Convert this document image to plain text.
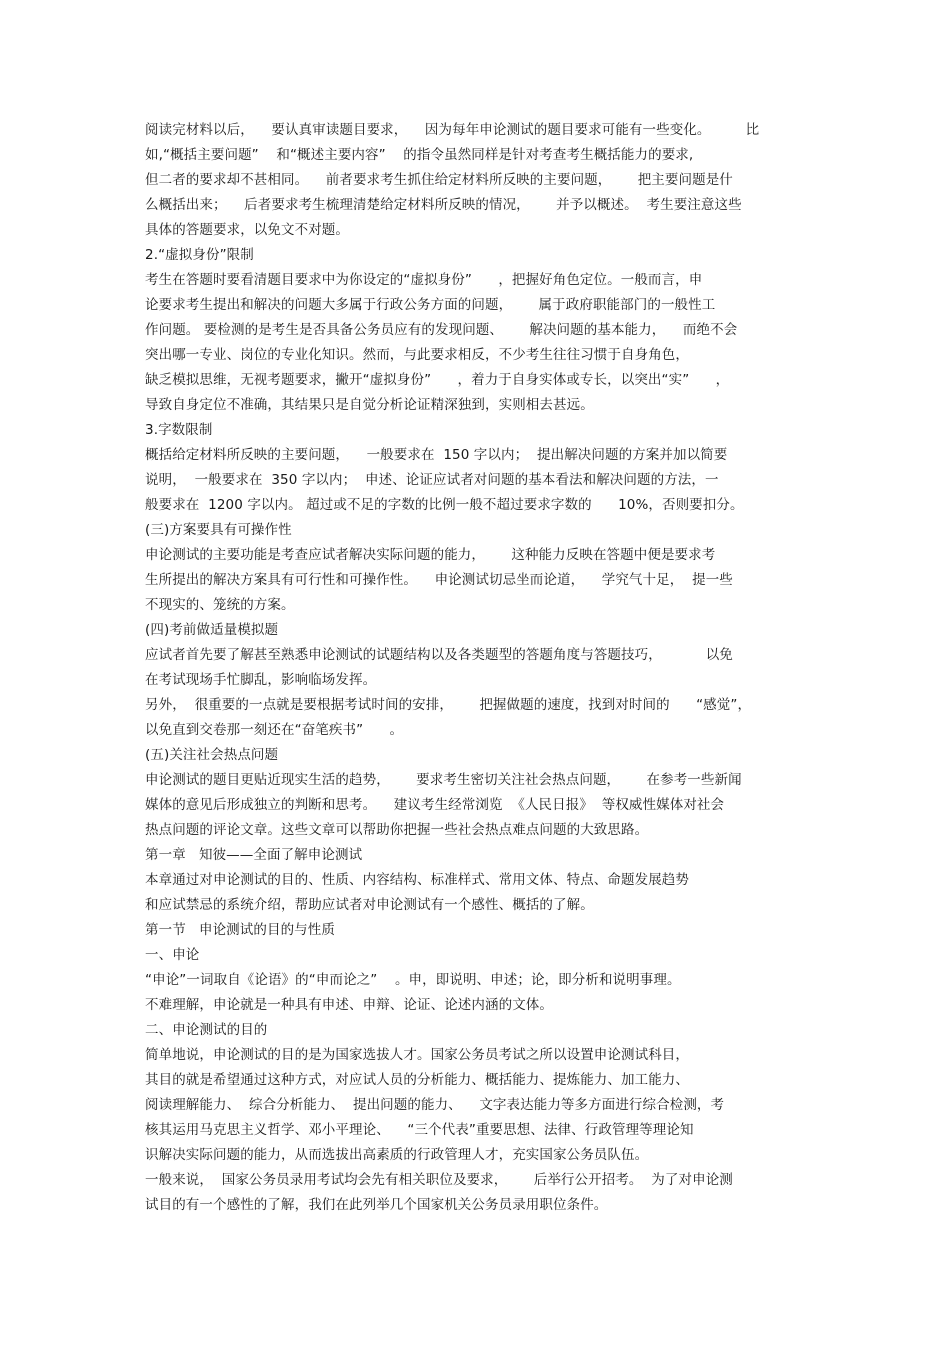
阅读完材料以后，    要认真审读题目要求，    因为每年申论测试的题目要求可能有一些变化。        比
如,“概括主要问题”    和“概述主要内容”    的指令虽然同样是针对考查考生概括能力的要求,
但二者的要求却不甚相同。    前者要求考生抓住给定材料所反映的主要问题，      把主要问题是什
么概括出来；    后者要求考生梳理清楚给定材料所反映的情况，      并予以概述。  考生要注意这些
具体的答题要求，以免文不对题。
2.“虚拟身份”限制
考生在答题时要看清题目要求中为你设定的“虚拟身份”      ，把握好角色定位。一般而言，申
论要求考生提出和解决的问题大多属于行政公务方面的问题，      属于政府职能部门的一般性工
作问题。 要检测的是考生是否具备公务员应有的发现问题、      解决问题的基本能力，    而绝不会
突出哪一专业、岗位的专业化知识。然而，与此要求相反，不少考生往往习惯于自身角色，
缺乏模拟思维，无视考题要求，撇开“虚拟身份”      ，着力于自身实体或专长，以突出“实”      ，
导致自身定位不准确，其结果只是自觉分析论证精深独到，实则相去甚远。
3.字数限制
概括给定材料所反映的主要问题，    一般要求在  150 字以内；  提出解决问题的方案并加以简要
说明，  一般要求在  350 字以内；  申述、论证应试者对问题的基本看法和解决问题的方法，一
般要求在  1200 字以内。 超过或不足的字数的比例一般不超过要求字数的      10%，否则要扣分。
(三)方案要具有可操作性
申论测试的主要功能是考查应试者解决实际问题的能力，      这种能力反映在答题中便是要求考
生所提出的解决方案具有可行性和可操作性。    申论测试切忌坐而论道，    学究气十足，  提一些
不现实的、笼统的方案。
(四)考前做适量模拟题
应试者首先要了解甚至熟悉申论测试的试题结构以及各类题型的答题角度与答题技巧，          以免
在考试现场手忙脚乱，影响临场发挥。
另外，  很重要的一点就是要根据考试时间的安排，      把握做题的速度，找到对时间的      “感觉”，
以免直到交卷那一刻还在“奋笔疾书”      。
(五)关注社会热点问题
申论测试的题目更贴近现实生活的趋势，      要求考生密切关注社会热点问题，      在参考一些新闻
媒体的意见后形成独立的判断和思考。    建议考生经常浏览  《人民日报》  等权威性媒体对社会
热点问题的评论文章。这些文章可以帮助你把握一些社会热点难点问题的大致思路。
第一章   知彼——全面了解申论测试
本章通过对申论测试的目的、性质、内容结构、标准样式、常用文体、特点、命题发展趋势
和应试禁忌的系统介绍，帮助应试者对申论测试有一个感性、概括的了解。
第一节   申论测试的目的与性质
一、申论
“申论”一词取自《论语》的“申而论之”    。申，即说明、申述；论，即分析和说明事理。
不难理解，申论就是一种具有申述、申辩、论证、论述内涵的文体。
二、申论测试的目的
简单地说，申论测试的目的是为国家选拔人才。国家公务员考试之所以设置申论测试科目，
其目的就是希望通过这种方式，对应试人员的分析能力、概括能力、提炼能力、加工能力、
阅读理解能力、  综合分析能力、  提出问题的能力、    文字表达能力等多方面进行综合检测，考
核其运用马克思主义哲学、邓小平理论、    “三个代表”重要思想、法律、行政管理等理论知
识解决实际问题的能力，从而选拔出高素质的行政管理人才，充实国家公务员队伍。
一般来说，  国家公务员录用考试均会先有相关职位及要求，      后举行公开招考。  为了对申论测
试目的有一个感性的了解，我们在此列举几个国家机关公务员录用职位条件。
